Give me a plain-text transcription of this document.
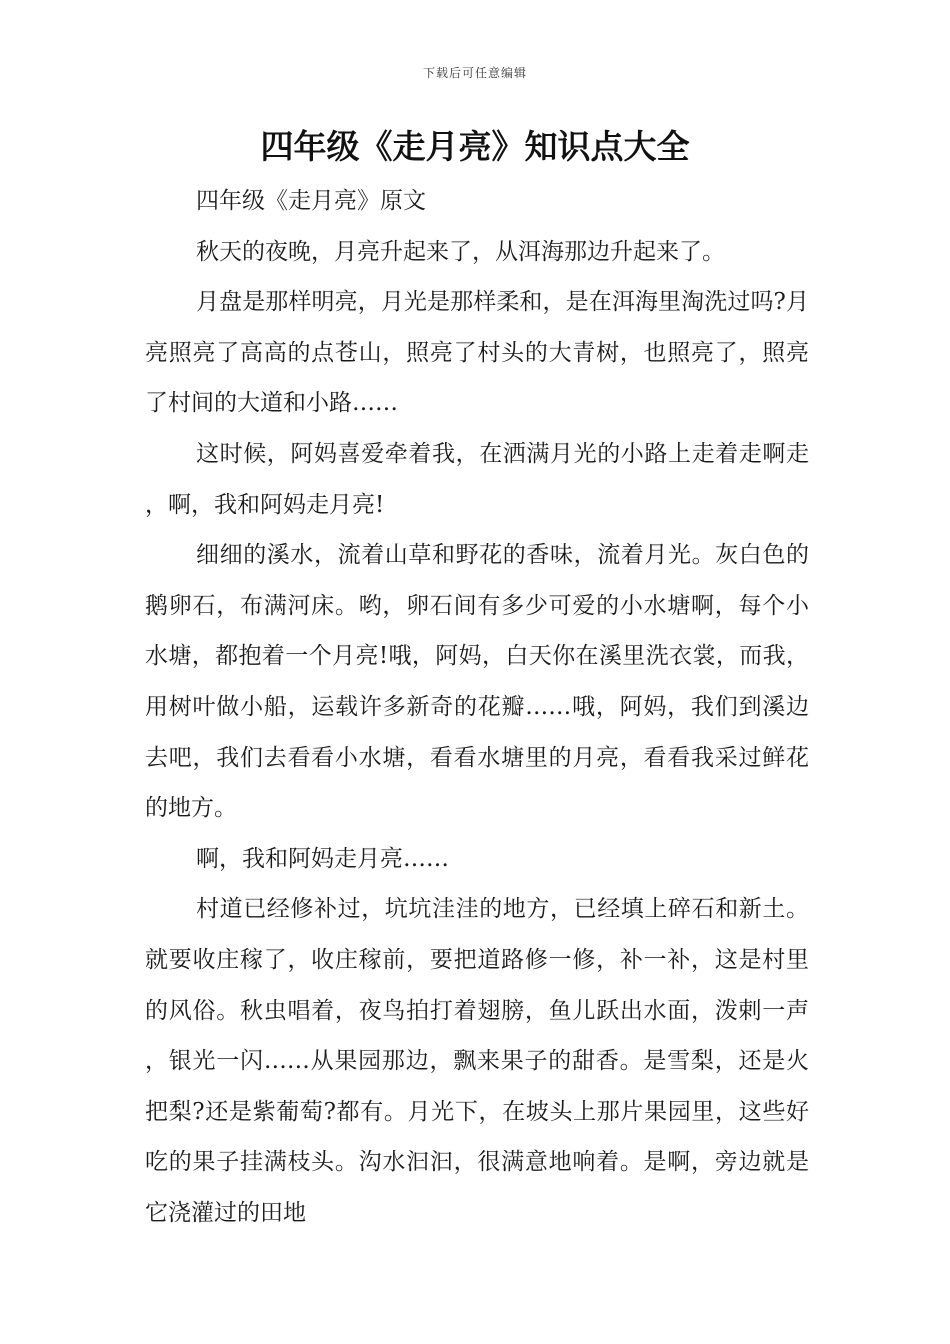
下载后可任意编辑
四年级《走月亮》知识点大全

四年级《走月亮》原文

秋天的夜晚，月亮升起来了，从洱海那边升起来了。

月盘是那样明亮，月光是那样柔和，是在洱海里淘洗过吗?月亮照亮了高高的点苍山，照亮了村头的大青树，也照亮了，照亮了村间的大道和小路……

这时候，阿妈喜爱牵着我，在洒满月光的小路上走着走啊走，啊，我和阿妈走月亮!

细细的溪水，流着山草和野花的香味，流着月光。灰白色的鹅卵石，布满河床。哟，卵石间有多少可爱的小水塘啊，每个小水塘，都抱着一个月亮!哦，阿妈，白天你在溪里洗衣裳，而我，用树叶做小船，运载许多新奇的花瓣……哦，阿妈，我们到溪边去吧，我们去看看小水塘，看看水塘里的月亮，看看我采过鲜花的地方。

啊，我和阿妈走月亮……

村道已经修补过，坑坑洼洼的地方，已经填上碎石和新土。就要收庄稼了，收庄稼前，要把道路修一修，补一补，这是村里的风俗。秋虫唱着，夜鸟拍打着翅膀，鱼儿跃出水面，泼剌一声，银光一闪……从果园那边，飘来果子的甜香。是雪梨，还是火把梨?还是紫葡萄?都有。月光下，在坡头上那片果园里，这些好吃的果子挂满枝头。沟水汩汩，很满意地响着。是啊，旁边就是它浇灌过的田地
